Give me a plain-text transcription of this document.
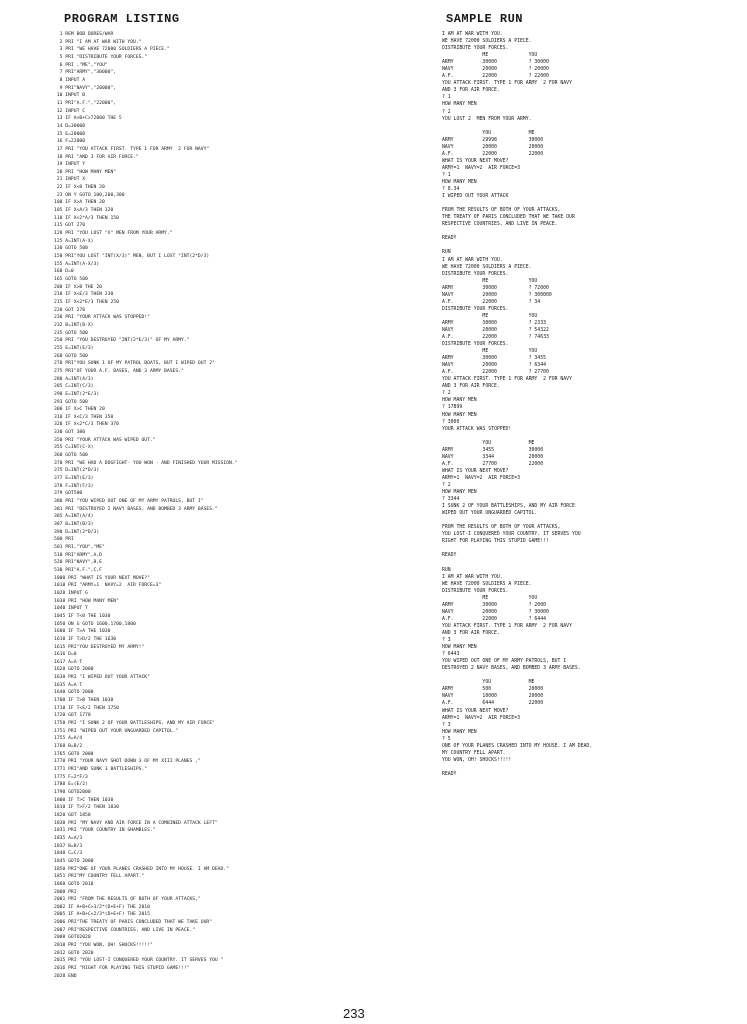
PROGRAM LISTING
1 REM BOB DORES/WAR
2 PRI "I AM AT WAR WITH YOU."
3 PRI "WE HAVE 72000 SOLDIERS A PIECE."
5 PRI "DISTRIBUTE YOUR FORCES."
6 PRI ,"ME","YOU"
7 PRI"ARMY","30000",
8 INPUT A
9 PRI"NAVY","20000",
10 INPUT B
11 PRI"A.F.","22000",
12 INPUT C
13 IF A+B+C>72000 THE 5
14 D=30000
15 E=20000
16 F=22000
17 PRI "YOU ATTACK FIRST. TYPE 1 FOR ARMY  2 FOR NAVY"
18 PRI "AND 3 FOR AIR FORCE."
19 INPUT Y
20 PRI "HOW MANY MEN"
21 INPUT X
22 IF X<0 THEN 20
23 ON Y GOTO 100,200,300
100 IF X>A THEN 20
105 IF X<A/3 THEN 120
110 IF X<2*A/3 THEN 150
115 GOT 270
120 PRI "YOU LOST "X" MEN FROM YOUR ARMY."
125 A=INT(A-X)
130 GOTO 500
150 PRI"YOU LOST "INT(X/3)" MEN, BUT I LOST "INT(2*D/3)
155 A=INT(A-X/3)
160 D=0
165 GOTO 500
200 IF X>B THE 20
210 IF X<E/3 THEN 230
215 IF X<2*E/3 THEN 250
220 GOT 270
230 PRI "YOUR ATTACK WAS STOPPED!"
232 B=INT(B-X)
235 GOTO 500
250 PRI "YOU DESTROYED "INT(2*E/3)" OF MY ARMY."
255 E=INT(E/3)
260 GOTO 500
270 PRI"YOU SUNK 1 OF MY PATROL BOATS, BUT I WIPED OUT 2"
275 PRI"OF YOUR A.F. BASES, AND 3 ARMY BASES."
280 A=INT(A/3)
285 C=INT(C/3)
290 E=INT(2*E/3)
293 GOTO 500
300 IF X>C THEN 20
310 IF X<C/3 THEN 350
320 IF X<2*C/3 THEN 370
330 GOT 380
350 PRI "YOUR ATTACK WAS WIPED OUT."
355 C=INT(C-X)
360 GOTO 500
370 PRI "WE HAD A DOGFIGHT- YOU WON - AND FINISHED YOUR MISSION."
375 D=INT(2*D/3)
377 E=INT(E/3)
378 F=INT(F/3)
379 GOT500
380 PRI "YOU WIPED OUT ONE OF MY ARMY PATROLS, BUT I"
381 PRI "DESTROYED 2 NAVY BASES, AND BOMBED 3 ARMY BASES."
385 A=INT(A/4)
387 B=INT(B/3)
390 D=INT(2*D/3)
500 PRI
501 PRI,"YOU","ME"
510 PRI"ARMY",A,D
520 PRI"NAVY",B,E
530 PRI"A.F.",C,F
1000 PRI "WHAT IS YOUR NEXT MOVE?"
1010 PRI "ARMY=1  NAVY=2  AIR FORCE=3"
1020 INPUT G
1030 PRI "HOW MANY MEN"
1040 INPUT T
1045 IF T<0 THE 1030
1050 ON G GOTO 1600,1700,1800
1600 IF T>A THE 1030
1610 IF T>D/2 THE 1630
1615 PRI"YOU DESTROYED MY ARMY!"
1616 D=0
1617 A=A-T
1620 GOTO 2000
1630 PRI "I WIPED OUT YOUR ATTACK"
1635 A=A-T
1640 GOTO 2000
1700 IF T>B THEN 1030
1710 IF T<E/2 THEN 1750
1720 GOT 1770
1750 PRI "I SUNK 2 OF YOUR BATTLESHIPS, AND MY AIR FORCE"
1751 PRI "WIPED OUT YOUR UNGUARDED CAPITOL."
1755 A=A/4
1760 B=B/2
1765 GOTO 2000
1770 PRI "YOUR NAVY SHOT DOWN 3 OF MY XIII PLANES ,"
1771 PRI"AND SUNK 3 BATTLESHIPS."
1775 F=2*F/3
1780 E=(E/2)
1790 GOTO2000
1800 IF T>C THEN 1030
1810 IF T>F/2 THEN 1830
1820 GOT 1850
1830 PRI "MY NAVY AND AIR FORCE IN A COMBINED ATTACK LEFT"
1831 PRI "YOUR COUNTRY IN SHAMBLES."
1835 A=A/3
1837 B=B/3
1840 C=C/3
1845 GOTO 2000
1850 PRI"ONE OF YOUR PLANES CRASHED INTO MY HOUSE. I AM DEAD."
1851 PRI"MY COUNTRY FELL APART."
1860 GOTO 2010
2000 PRI
2001 PRI "FROM THE RESULTS OF BOTH OF YOUR ATTACKS,"
2002 IF A+B+C>3/2*(D+E+F) THE 2010
2005 IF A+B+C<2/3*(D+E+F) THE 2015
2006 PRI"THE TREATY OF PARIS CONCLUDED THAT WE TAKE OUR"
2007 PRI"RESPECTIVE COUNTRIES, AND LIVE IN PEACE."
2008 GOTO2020
2010 PRI "YOU WON, OH! SHUCKS!!!!!"
2012 GOTO 2020
2015 PRI "YOU LOST-I CONQUERED YOUR COUNTRY. IT SERVES YOU "
2016 PRI "RIGHT FOR PLAYING THIS STUPID GAME!!!"
2020 END
SAMPLE RUN
I AM AT WAR WITH YOU.
WE HAVE 72000 SOLDIERS A PIECE.
DISTRIBUTE YOUR FORCES.
ME              YOU
ARMY          30000           ? 30000
NAVY          20000           ? 20000
A.F.          22000           ? 22000
YOU ATTACK FIRST. TYPE 1 FOR ARMY  2 FOR NAVY
AND 3 FOR AIR FORCE.
? 1
HOW MANY MEN
? 2
YOU LOST 2  MEN FROM YOUR ARMY.

YOU             ME
ARMY          29998           30000
NAVY          20000           20000
A.F.          22000           22000
WHAT IS YOUR NEXT MOVE?
ARMY=1  NAVY=2  AIR FORCE=3
? 1
HOW MANY MEN
? 8.34
I WIPED OUT YOUR ATTACK

FROM THE RESULTS OF BOTH OF YOUR ATTACKS,
THE TREATY OF PARIS CONCLUDED THAT WE TAKE OUR
RESPECTIVE COUNTRIES, AND LIVE IN PEACE.

READY

RUN
I AM AT WAR WITH YOU.
WE HAVE 72000 SOLDIERS A PIECE.
DISTRIBUTE YOUR FORCES.
ME              YOU
ARMY          30000           ? 72000
NAVY          20000           ? 300000
A.F.          22000           ? 34
DISTRIBUTE YOUR FORCES.
ME              YOU
ARMY          30000           ? 2333
NAVY          20000           ? 54322
A.F.          22000           ? 74633
DISTRIBUTE YOUR FORCES.
ME              YOU
ARMY          30000           ? 3455
NAVY          20000           ? 6344
A.F.          22000           ? 27700
YOU ATTACK FIRST. TYPE 1 FOR ARMY  2 FOR NAVY
AND 3 FOR AIR FORCE.
? 2
HOW MANY MEN
? 17899
HOW MANY MEN
? 3000
YOUR ATTACK WAS STOPPED!

YOU             ME
ARMY          3455            30000
NAVY          3344            20000
A.F.          27700           22000
WHAT IS YOUR NEXT MOVE?
ARMY=1  NAVY=2  AIR FORCE=3
? 2
HOW MANY MEN
? 3344
I SUNK 2 OF YOUR BATTLESHIPS, AND MY AIR FORCE
WIPED OUT YOUR UNGUARDED CAPITOL.

FROM THE RESULTS OF BOTH OF YOUR ATTACKS,
YOU LOST-I CONQUERED YOUR COUNTRY. IT SERVES YOU
RIGHT FOR PLAYING THIS STUPID GAME!!!

READY

RUN
I AM AT WAR WITH YOU.
WE HAVE 72000 SOLDIERS A PIECE.
DISTRIBUTE YOUR FORCES.
ME              YOU
ARMY          30000           ? 2000
NAVY          20000           ? 30000
A.F.          22000           ? 6444
YOU ATTACK FIRST. TYPE 1 FOR ARMY  2 FOR NAVY
AND 3 FOR AIR FORCE.
? 3
HOW MANY MEN
? 6443
YOU WIPED OUT ONE OF MY ARMY PATROLS, BUT I
DESTROYED 2 NAVY BASES, AND BOMBED 3 ARMY BASES.

YOU             ME
ARMY          500             20000
NAVY          10000           20000
A.F.          6444            22000
WHAT IS YOUR NEXT MOVE?
ARMY=1  NAVY=2  AIR FORCE=3
? 3
HOW MANY MEN
? 5
ONE OF YOUR PLANES CRASHED INTO MY HOUSE. I AM DEAD.
MY COUNTRY FELL APART.
YOU WON, OH! SHUCKS!!!!!

READY
233
